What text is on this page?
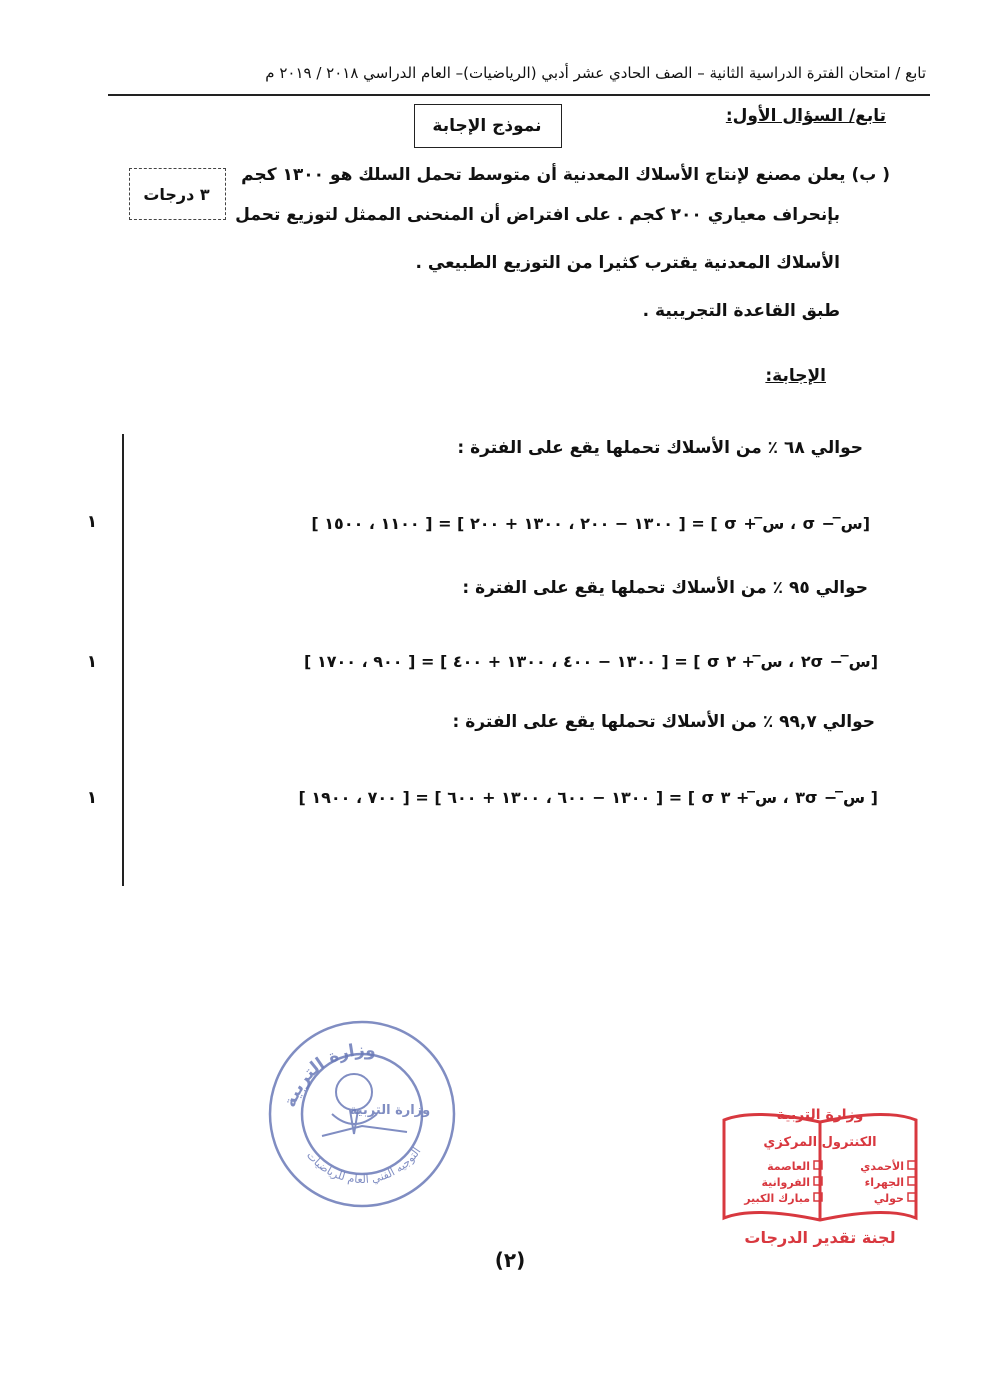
تابع / امتحان الفترة الدراسية الثانية – الصف الحادي عشر أدبي (الرياضيات)– العام الدراسي ٢٠١٨ / ٢٠١٩ م
تابع/ السؤال الأول:
نموذج الإجابة
٣ درجات
( ب) يعلن مصنع لإنتاج الأسلاك المعدنية أن متوسط تحمل السلك هو ١٣٠٠ كجم
بإنحراف معياري ٢٠٠ كجم . على افتراض أن المنحنى الممثل لتوزيع تحمل
الأسلاك المعدنية يقترب كثيرا من التوزيع الطبيعي .
طبق القاعدة التجريبية .
الإجابة:
حوالي ٦٨ ٪ من الأسلاك تحملها يقع على الفترة :
[س̅ − σ ، س̅ + σ ] = [ ١٣٠٠ − ٢٠٠ ، ١٣٠٠ + ٢٠٠ ] = [ ١١٠٠ ، ١٥٠٠ ]
١
حوالي ٩٥ ٪ من الأسلاك تحملها يقع على الفترة :
[س̅ − ٢σ ، س̅ + ٢ σ ] = [ ١٣٠٠ − ٤٠٠ ، ١٣٠٠ + ٤٠٠ ] = [ ٩٠٠ ، ١٧٠٠ ]
١
حوالي ٩٩,٧ ٪ من الأسلاك تحملها يقع على الفترة :
[ س̅ − ٣σ ، س̅ + ٣ σ ] = [ ١٣٠٠ − ٦٠٠ ، ١٣٠٠ + ٦٠٠ ] = [ ٧٠٠ ، ١٩٠٠ ]
١
وزارة التربية
التوجيه الفني العام للرياضيات
وزارة التربية	وزارة التربية
الكنترول المركزي
العاصمة
الفروانية
مبارك الكبير
الأحمدي
الجهراء
حولي
لجنة تقدير الدرجات
(٢)
